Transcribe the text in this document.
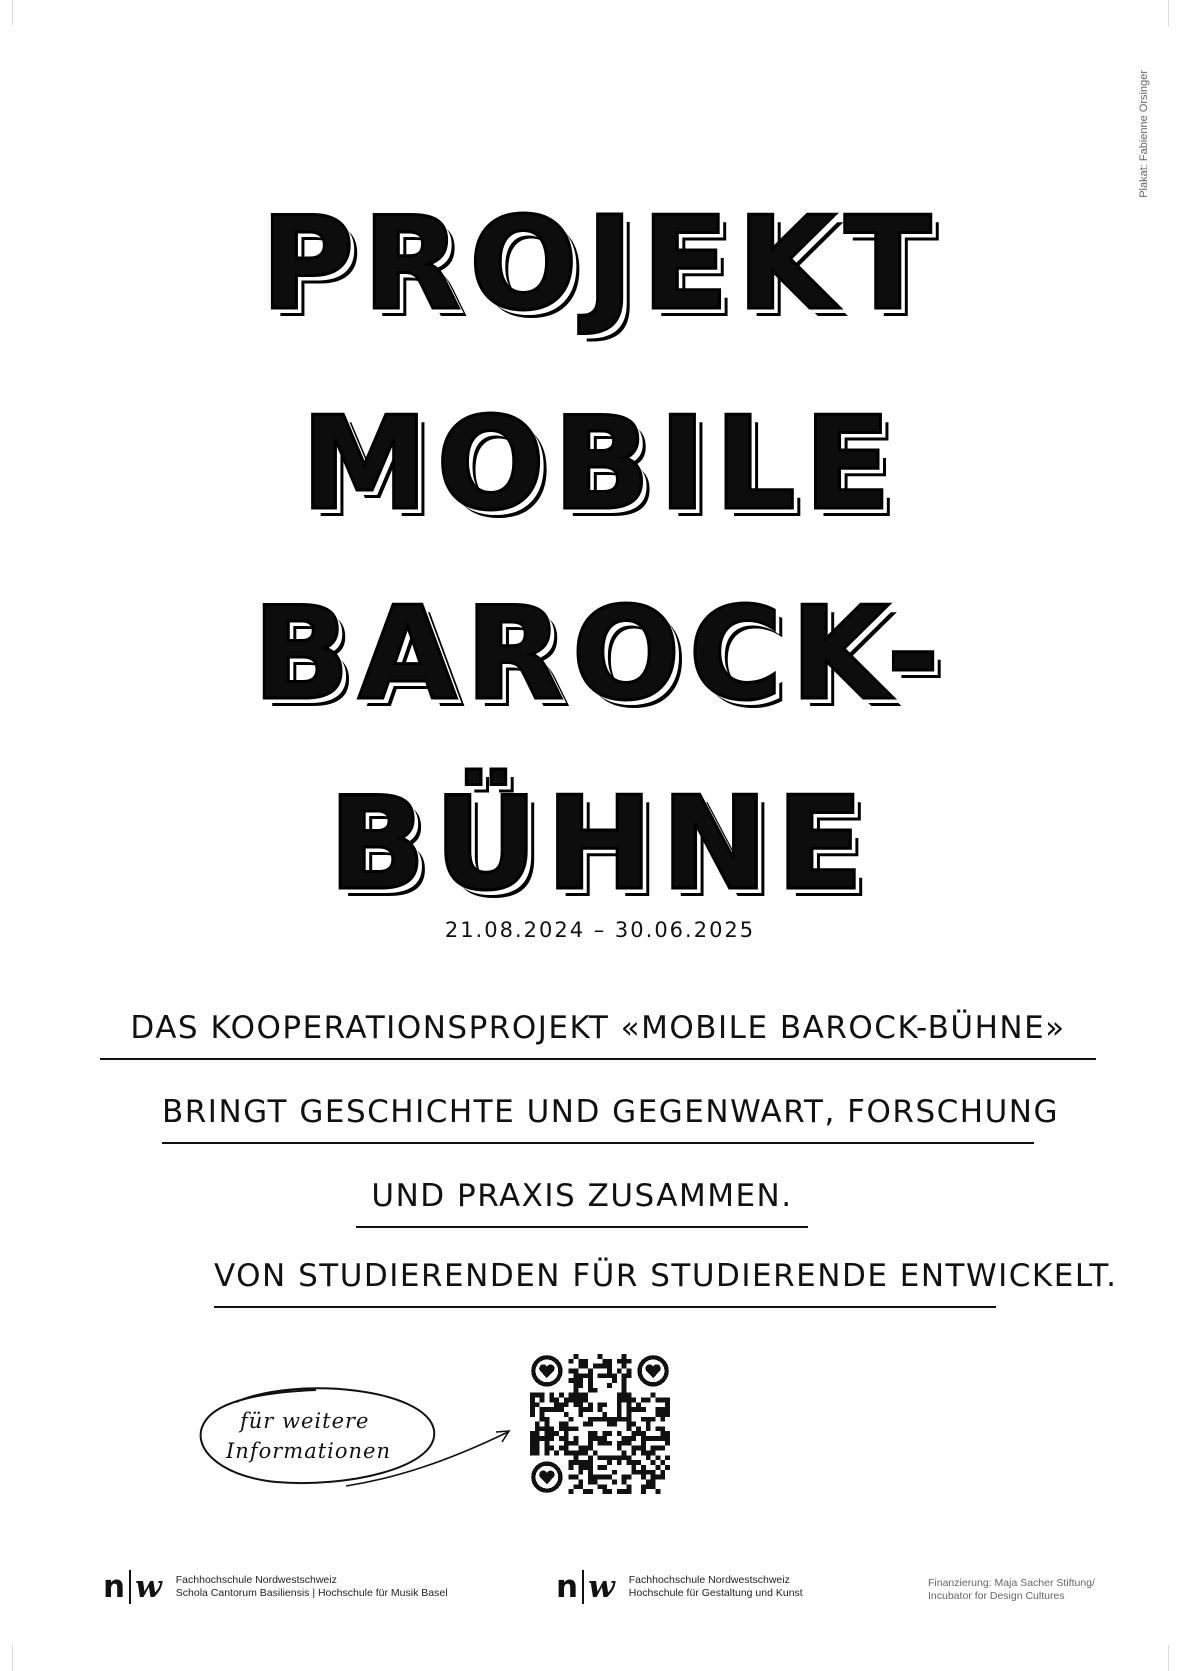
Plakat: Fabienne Orsinger
PROJEKT
MOBILE
BAROCK-
BÜHNE
21.08.2024 – 30.06.2025
DAS KOOPERATIONSPROJEKT «MOBILE BAROCK-BÜHNE»
BRINGT GESCHICHTE UND GEGENWART, FORSCHUNG
UND PRAXIS ZUSAMMEN.
VON STUDIERENDEN FÜR STUDIERENDE ENTWICKELT.
für weitere
Informationen
n w Fachhochschule Nordwestschweiz
Schola Cantorum Basiliensis | Hochschule für Musik Basel	n w Fachhochschule Nordwestschweiz
Hochschule für Gestaltung und Kunst
Finanzierung: Maja Sacher Stiftung/
Incubator for Design Cultures
